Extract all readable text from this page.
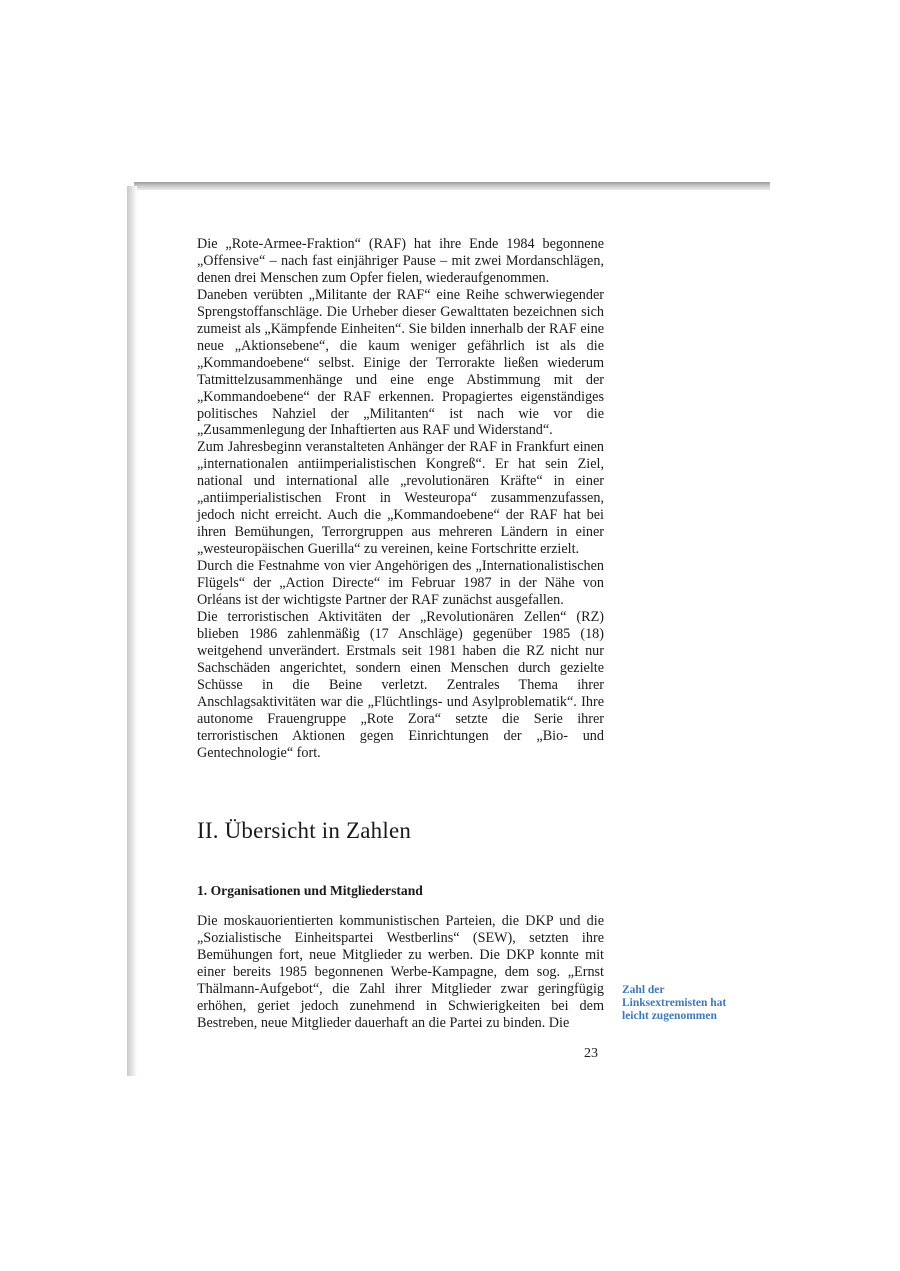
Die „Rote-Armee-Fraktion“ (RAF) hat ihre Ende 1984 begonnene „Offensive“ – nach fast einjähriger Pause – mit zwei Mordanschlägen, denen drei Menschen zum Opfer fielen, wiederaufgenommen.

Daneben verübten „Militante der RAF“ eine Reihe schwerwiegender Sprengstoffanschläge. Die Urheber dieser Gewalttaten bezeichnen sich zumeist als „Kämpfende Einheiten“. Sie bilden innerhalb der RAF eine neue „Aktionsebene“, die kaum weniger gefährlich ist als die „Kommandoebene“ selbst. Einige der Terrorakte ließen wiederum Tatmittelzusammenhänge und eine enge Abstimmung mit der „Kommandoebene“ der RAF erkennen. Propagiertes eigenständiges politisches Nahziel der „Militanten“ ist nach wie vor die „Zusammenlegung der Inhaftierten aus RAF und Widerstand“.

Zum Jahresbeginn veranstalteten Anhänger der RAF in Frankfurt einen „internationalen antiimperialistischen Kongreß“. Er hat sein Ziel, national und international alle „revolutionären Kräfte“ in einer „antiimperialistischen Front in Westeuropa“ zusammenzufassen, jedoch nicht erreicht. Auch die „Kommandoebene“ der RAF hat bei ihren Bemühungen, Terrorgruppen aus mehreren Ländern in einer „westeuropäischen Guerilla“ zu vereinen, keine Fortschritte erzielt.

Durch die Festnahme von vier Angehörigen des „Internationalistischen Flügels“ der „Action Directe“ im Februar 1987 in der Nähe von Orléans ist der wichtigste Partner der RAF zunächst ausgefallen.

Die terroristischen Aktivitäten der „Revolutionären Zellen“ (RZ) blieben 1986 zahlenmäßig (17 Anschläge) gegenüber 1985 (18) weitgehend unverändert. Erstmals seit 1981 haben die RZ nicht nur Sachschäden angerichtet, sondern einen Menschen durch gezielte Schüsse in die Beine verletzt. Zentrales Thema ihrer Anschlagsaktivitäten war die „Flüchtlings- und Asylproblematik“. Ihre autonome Frauengruppe „Rote Zora“ setzte die Serie ihrer terroristischen Aktionen gegen Einrichtungen der „Bio- und Gentechnologie“ fort.

II. Übersicht in Zahlen
1. Organisationen und Mitgliederstand

Die moskauorientierten kommunistischen Parteien, die DKP und die „Sozialistische Einheitspartei Westberlins“ (SEW), setzten ihre Bemühungen fort, neue Mitglieder zu werben. Die DKP konnte mit einer bereits 1985 begonnenen Werbe-Kampagne, dem sog. „Ernst Thälmann-Aufgebot“, die Zahl ihrer Mitglieder zwar geringfügig erhöhen, geriet jedoch zunehmend in Schwierigkeiten bei dem Bestreben, neue Mitglieder dauerhaft an die Partei zu binden. Die

Zahl der Linksextremisten hat leicht zugenommen

23
